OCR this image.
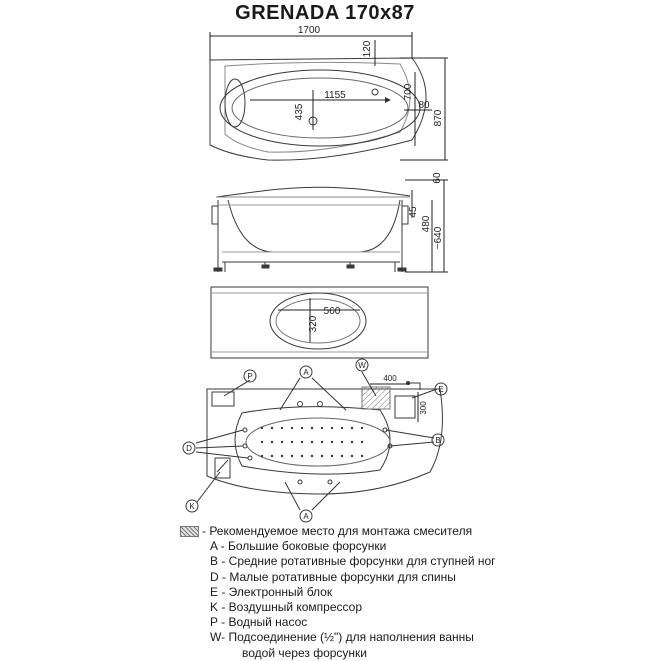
1700
120
1155
435	80
700
870
60
45
480
~640
560
320
P	A
W
E
D
B
A
K
400
300
GRENADA 170x87
- Рекомендуемое место для монтажа смесителя
A - Большие боковые форсунки
B - Средние ротативные форсунки для ступней ног
D - Малые ротативные форсунки для спины
E - Электронный блок
K - Воздушный компрессор
P - Водный насос
W- Подсоединение (½") для наполнения ванны
водой через форсунки
